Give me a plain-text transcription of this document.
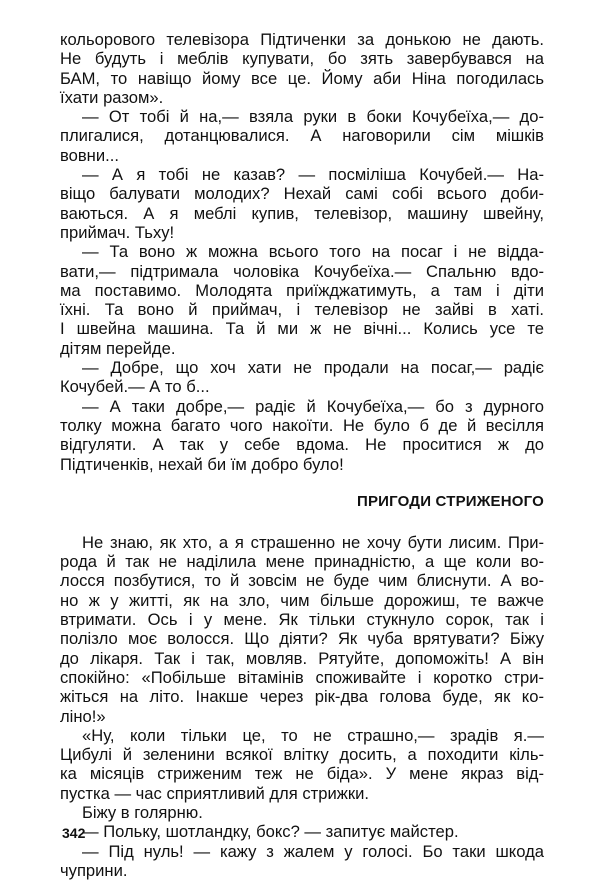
кольорового телевізора Підтиченки за донькою не дають.
Не будуть і меблів купувати, бо зять завербувався на
БАМ, то навіщо йому все це. Йому аби Ніна погодилась
їхати разом».
— От тобі й на,— взяла руки в боки Кочубеїха,— до-
плигалися, дотанцювалися. А наговорили сім мішків
вовни...
— А я тобі не казав? — посміліша Кочубей.— На-
віщо балувати молодих? Нехай самі собі всього доби-
ваються. А я меблі купив, телевізор, машину швейну,
приймач. Тьху!
— Та воно ж можна всього того на посаг і не відда-
вати,— підтримала чоловіка Кочубеїха.— Спальню вдо-
ма поставимо. Молодята приїжджатимуть, а там і діти
їхні. Та воно й приймач, і телевізор не зайві в хаті.
І швейна машина. Та й ми ж не вічні... Колись усе те
дітям перейде.
— Добре, що хоч хати не продали на посаг,— радіє
Кочубей.— А то б...
— А таки добре,— радіє й Кочубеїха,— бо з дурного
толку можна багато чого накоїти. Не було б де й весілля
відгуляти. А так у себе вдома. Не проситися ж до
Підтиченків, нехай би їм добро було!
ПРИГОДИ СТРИЖЕНОГО
Не знаю, як хто, а я страшенно не хочу бути лисим. При-
рода й так не наділила мене принадністю, а ще коли во-
лосся позбутися, то й зовсім не буде чим блиснути. А во-
но ж у житті, як на зло, чим більше дорожиш, те важче
втримати. Ось і у мене. Як тільки стукнуло сорок, так і
полізло моє волосся. Що діяти? Як чуба врятувати? Біжу
до лікаря. Так і так, мовляв. Рятуйте, допоможіть! А він
спокійно: «Побільше вітамінів споживайте і коротко стри-
жіться на літо. Інакше через рік-два голова буде, як ко-
ліно!»
«Ну, коли тільки це, то не страшно,— зрадів я.—
Цибулі й зеленини всякої влітку досить, а походити кіль-
ка місяців стриженим теж не біда». У мене якраз від-
пустка — час сприятливий для стрижки.
Біжу в голярню.
— Польку, шотландку, бокс? — запитує майстер.
— Під нуль! — кажу з жалем у голосі. Бо таки шкода
чуприни.
342
